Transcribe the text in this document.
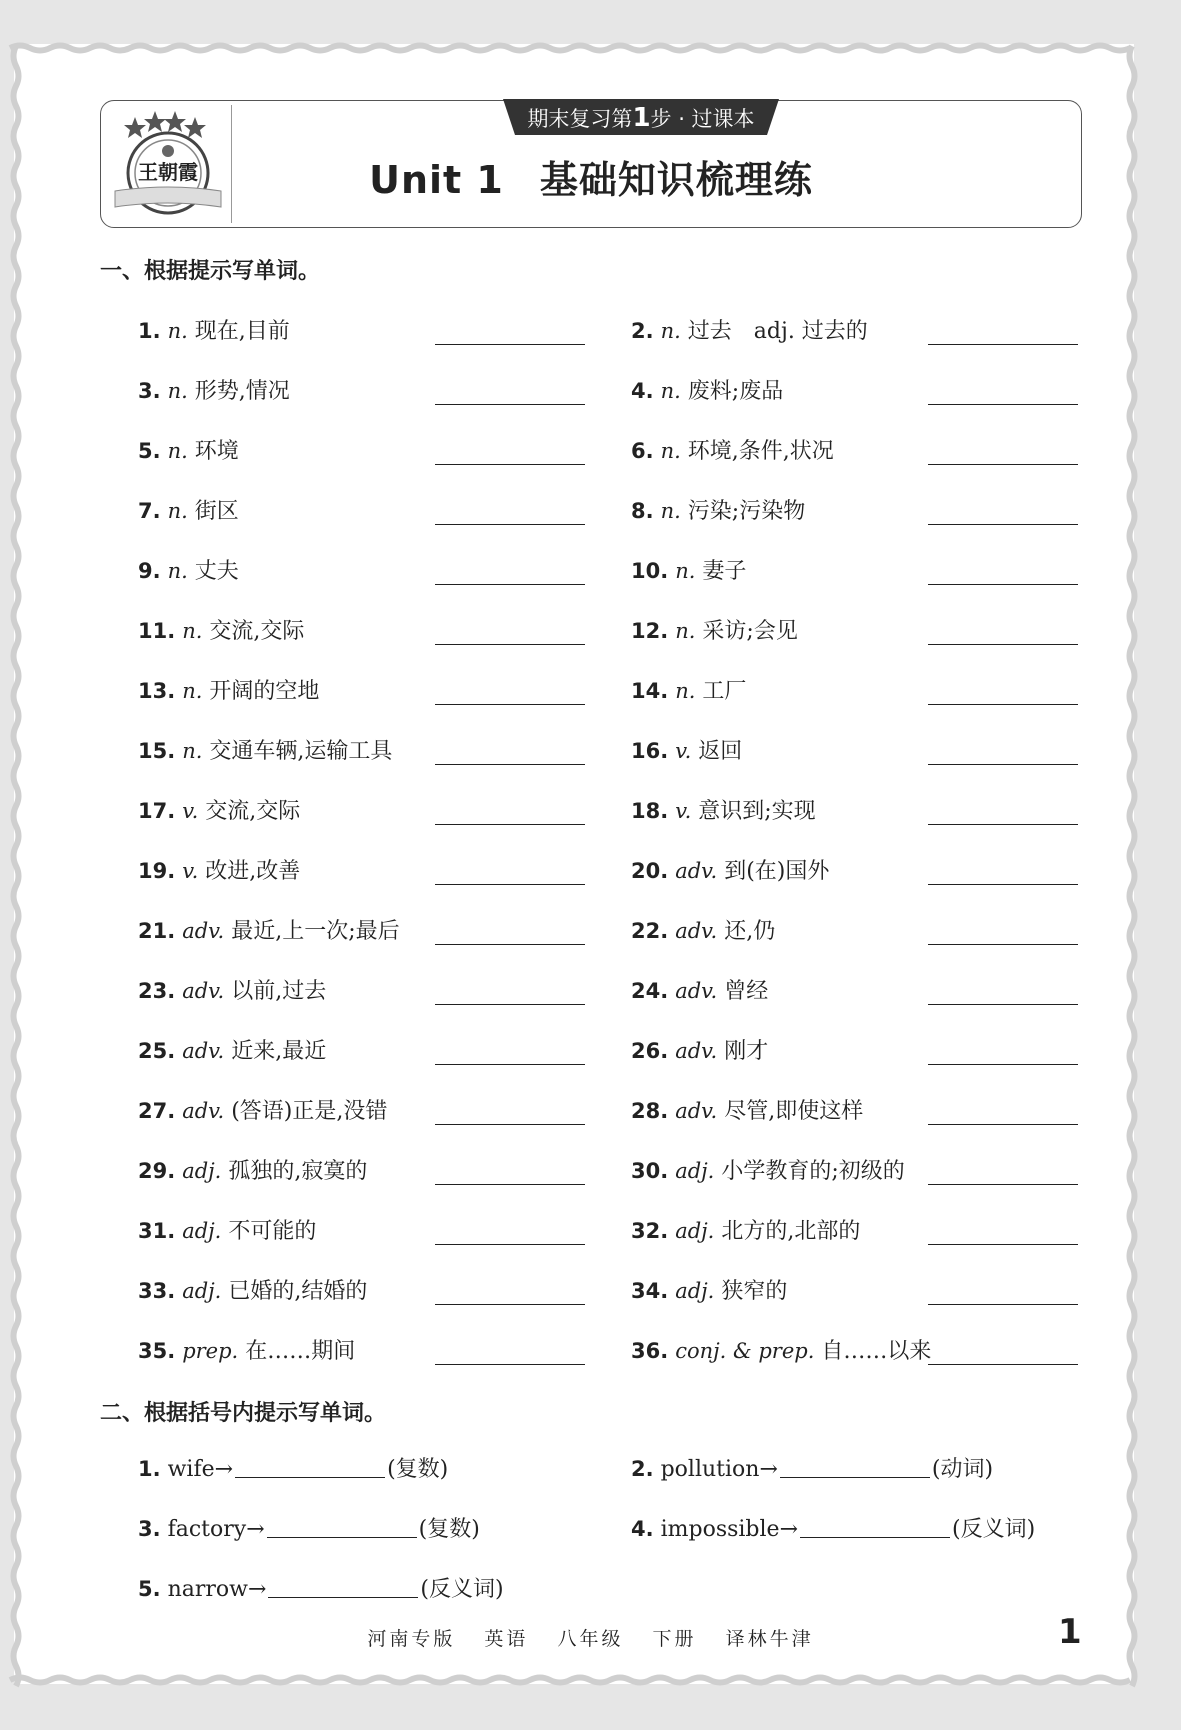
王朝霞
期末复习第1步 · 过课本
Unit 1 基础知识梳理练
一、根据提示写单词。
1. n. 现在,目前	2. n. 过去　adj. 过去的
3. n. 形势,情况	4. n. 废料;废品
5. n. 环境	6. n. 环境,条件,状况
7. n. 街区	8. n. 污染;污染物
9. n. 丈夫	10. n. 妻子
11. n. 交流,交际	12. n. 采访;会见
13. n. 开阔的空地	14. n. 工厂
15. n. 交通车辆,运输工具	16. v. 返回
17. v. 交流,交际	18. v. 意识到;实现
19. v. 改进,改善	20. adv. 到(在)国外
21. adv. 最近,上一次;最后	22. adv. 还,仍
23. adv. 以前,过去	24. adv. 曾经
25. adv. 近来,最近	26. adv. 刚才
27. adv. (答语)正是,没错	28. adv. 尽管,即使这样
29. adj. 孤独的,寂寞的	30. adj. 小学教育的;初级的
31. adj. 不可能的	32. adj. 北方的,北部的
33. adj. 已婚的,结婚的	34. adj. 狭窄的
35. prep. 在……期间	36. conj. & prep. 自……以来
二、根据括号内提示写单词。
1. wife→	(复数)	2. pollution→	(动词)
3. factory→	(复数)	4. impossible→	(反义词)
5. narrow→	(反义词)
河南专版 英语 八年级 下册 译林牛津	1
